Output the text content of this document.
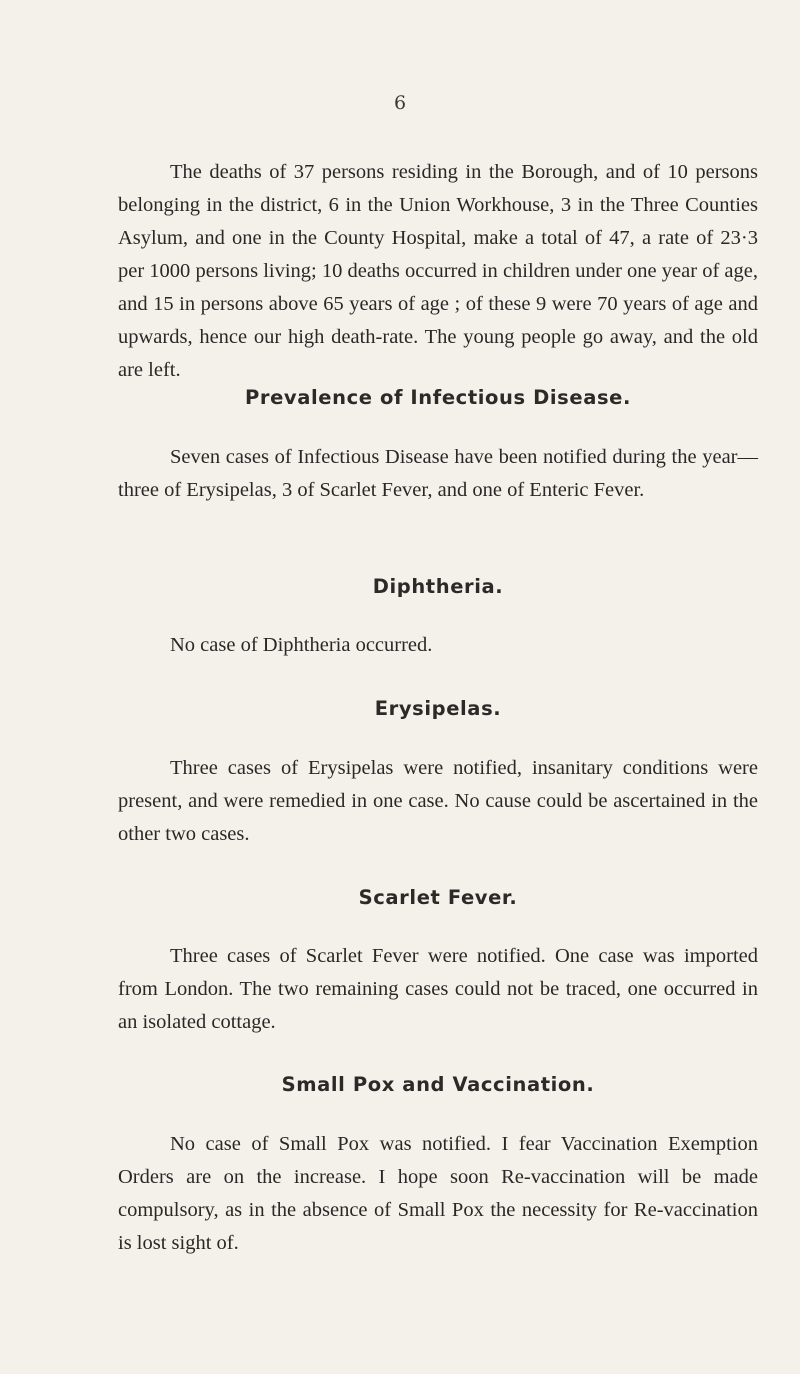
6

The deaths of 37 persons residing in the Borough, and of 10 persons belonging in the district, 6 in the Union Workhouse, 3 in the Three Counties Asylum, and one in the County Hospital, make a total of 47, a rate of 23·3 per 1000 persons living; 10 deaths occurred in children under one year of age, and 15 in persons above 65 years of age ; of these 9 were 70 years of age and upwards, hence our high death-rate. The young people go away, and the old are left.

Prevalence of Infectious Disease.

Seven cases of Infectious Disease have been notified during the year—three of Erysipelas, 3 of Scarlet Fever, and one of Enteric Fever.

Diphtheria.

No case of Diphtheria occurred.

Erysipelas.

Three cases of Erysipelas were notified, insanitary conditions were present, and were remedied in one case. No cause could be ascertained in the other two cases.

Scarlet Fever.

Three cases of Scarlet Fever were notified. One case was imported from London. The two remaining cases could not be traced, one occurred in an isolated cottage.

Small Pox and Vaccination.

No case of Small Pox was notified. I fear Vaccination Exemption Orders are on the increase. I hope soon Re-vaccination will be made compulsory, as in the absence of Small Pox the necessity for Re-vaccination is lost sight of.
